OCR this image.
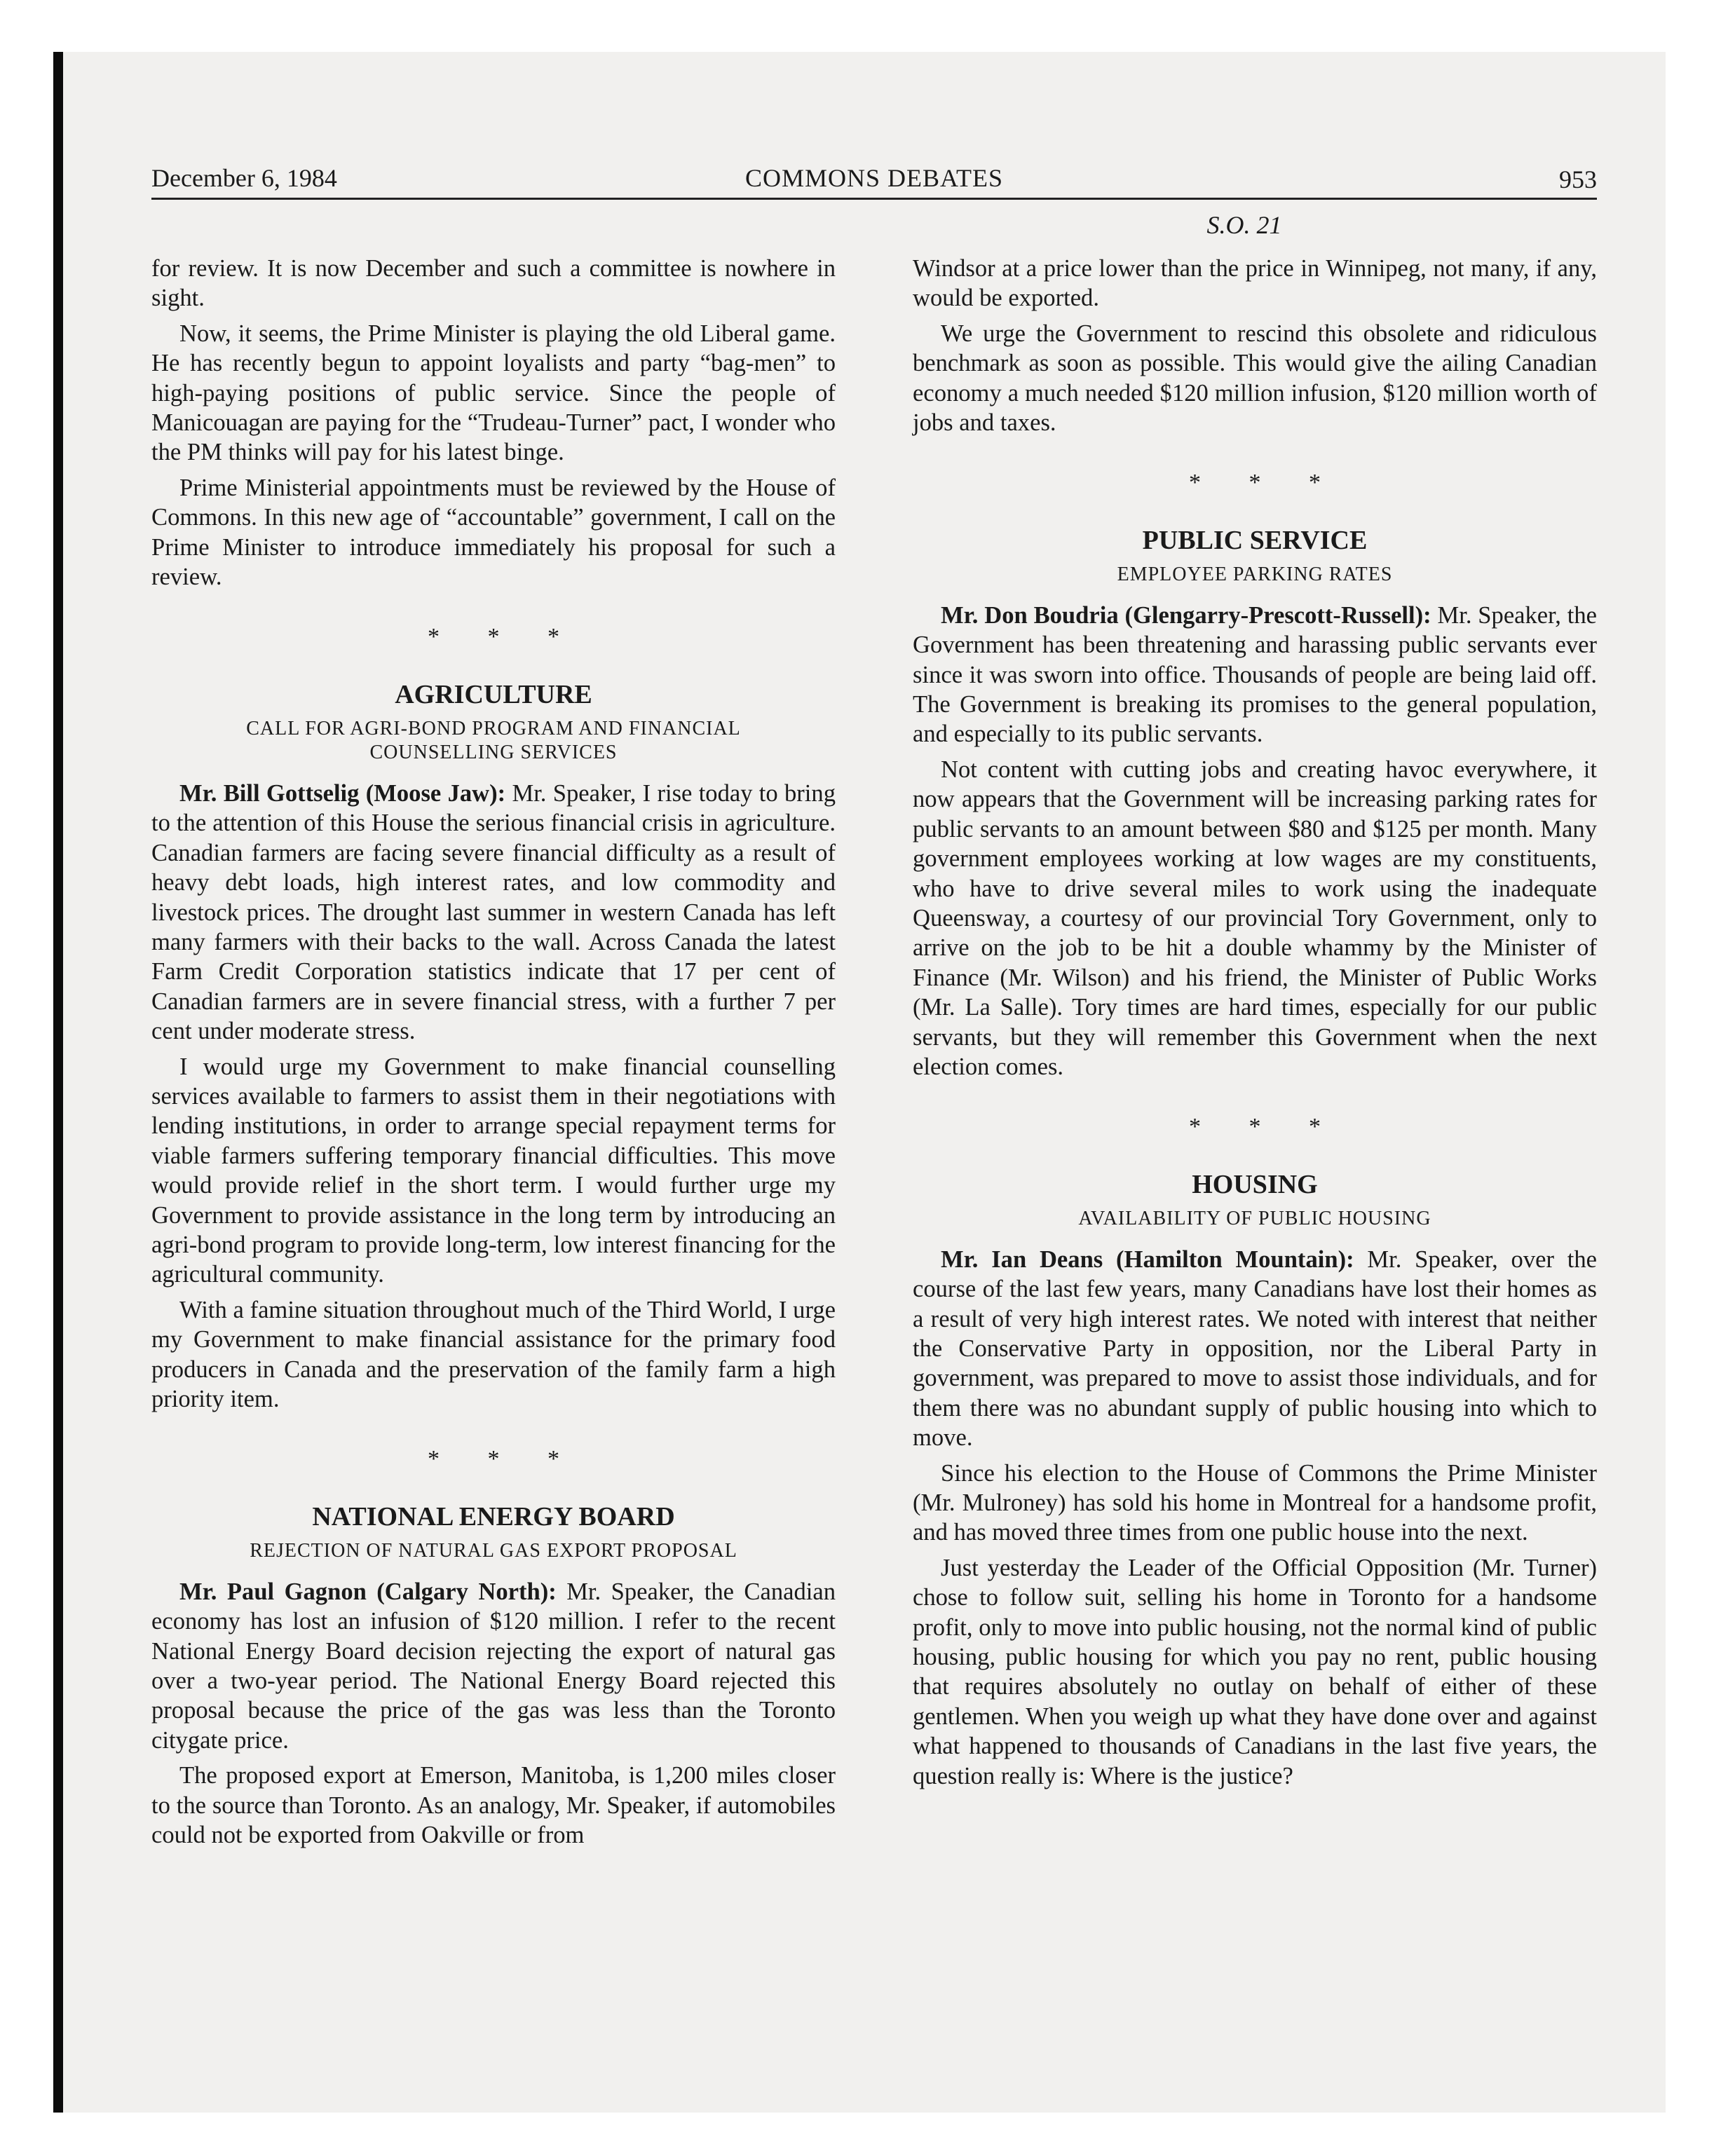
December 6, 1984	COMMONS DEBATES	953
S.O. 21

for review. It is now December and such a committee is nowhere in sight.

Now, it seems, the Prime Minister is playing the old Liberal game. He has recently begun to appoint loyalists and party “bag-men” to high-paying positions of public service. Since the people of Manicouagan are paying for the “Trudeau-Turner” pact, I wonder who the PM thinks will pay for his latest binge.

Prime Ministerial appointments must be reviewed by the House of Commons. In this new age of “accountable” government, I call on the Prime Minister to introduce immediately his proposal for such a review.

* * *
AGRICULTURE
CALL FOR AGRI-BOND PROGRAM AND FINANCIAL COUNSELLING SERVICES

Mr. Bill Gottselig (Moose Jaw): Mr. Speaker, I rise today to bring to the attention of this House the serious financial crisis in agriculture. Canadian farmers are facing severe financial difficulty as a result of heavy debt loads, high interest rates, and low commodity and livestock prices. The drought last summer in western Canada has left many farmers with their backs to the wall. Across Canada the latest Farm Credit Corporation statistics indicate that 17 per cent of Canadian farmers are in severe financial stress, with a further 7 per cent under moderate stress.

I would urge my Government to make financial counselling services available to farmers to assist them in their negotiations with lending institutions, in order to arrange special repayment terms for viable farmers suffering temporary financial difficulties. This move would provide relief in the short term. I would further urge my Government to provide assistance in the long term by introducing an agri-bond program to provide long-term, low interest financing for the agricultural community.

With a famine situation throughout much of the Third World, I urge my Government to make financial assistance for the primary food producers in Canada and the preservation of the family farm a high priority item.

* * *
NATIONAL ENERGY BOARD
REJECTION OF NATURAL GAS EXPORT PROPOSAL

Mr. Paul Gagnon (Calgary North): Mr. Speaker, the Canadian economy has lost an infusion of $120 million. I refer to the recent National Energy Board decision rejecting the export of natural gas over a two-year period. The National Energy Board rejected this proposal because the price of the gas was less than the Toronto citygate price.

The proposed export at Emerson, Manitoba, is 1,200 miles closer to the source than Toronto. As an analogy, Mr. Speaker, if automobiles could not be exported from Oakville or from

Windsor at a price lower than the price in Winnipeg, not many, if any, would be exported.

We urge the Government to rescind this obsolete and ridiculous benchmark as soon as possible. This would give the ailing Canadian economy a much needed $120 million infusion, $120 million worth of jobs and taxes.

* * *
PUBLIC SERVICE
EMPLOYEE PARKING RATES

Mr. Don Boudria (Glengarry-Prescott-Russell): Mr. Speaker, the Government has been threatening and harassing public servants ever since it was sworn into office. Thousands of people are being laid off. The Government is breaking its promises to the general population, and especially to its public servants.

Not content with cutting jobs and creating havoc everywhere, it now appears that the Government will be increasing parking rates for public servants to an amount between $80 and $125 per month. Many government employees working at low wages are my constituents, who have to drive several miles to work using the inadequate Queensway, a courtesy of our provincial Tory Government, only to arrive on the job to be hit a double whammy by the Minister of Finance (Mr. Wilson) and his friend, the Minister of Public Works (Mr. La Salle). Tory times are hard times, especially for our public servants, but they will remember this Government when the next election comes.

* * *
HOUSING
AVAILABILITY OF PUBLIC HOUSING

Mr. Ian Deans (Hamilton Mountain): Mr. Speaker, over the course of the last few years, many Canadians have lost their homes as a result of very high interest rates. We noted with interest that neither the Conservative Party in opposition, nor the Liberal Party in government, was prepared to move to assist those individuals, and for them there was no abundant supply of public housing into which to move.

Since his election to the House of Commons the Prime Minister (Mr. Mulroney) has sold his home in Montreal for a handsome profit, and has moved three times from one public house into the next.

Just yesterday the Leader of the Official Opposition (Mr. Turner) chose to follow suit, selling his home in Toronto for a handsome profit, only to move into public housing, not the normal kind of public housing, public housing for which you pay no rent, public housing that requires absolutely no outlay on behalf of either of these gentlemen. When you weigh up what they have done over and against what happened to thousands of Canadians in the last five years, the question really is: Where is the justice?
